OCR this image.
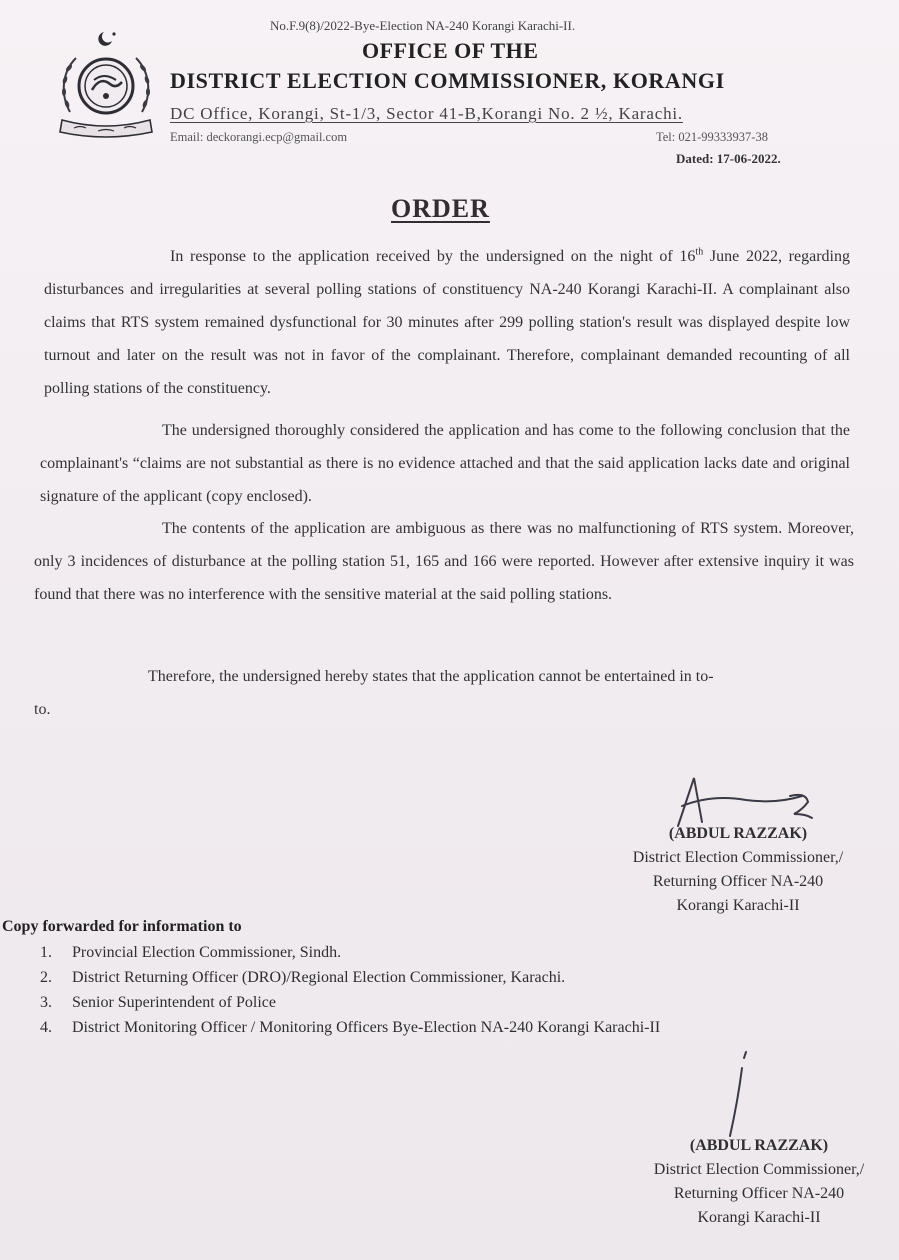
No.F.9(8)/2022-Bye-Election NA-240 Korangi Karachi-II.
OFFICE OF THE
DISTRICT ELECTION COMMISSIONER, KORANGI
DC Office, Korangi, St-1/3, Sector 41-B,Korangi No. 2 ½, Karachi.
Email: deckorangi.ecp@gmail.com	Tel: 021-99333937-38
Dated: 17-06-2022.
ORDER
In response to the application received by the undersigned on the night of 16th June 2022, regarding disturbances and irregularities at several polling stations of constituency NA-240 Korangi Karachi-II. A complainant also claims that RTS system remained dysfunctional for 30 minutes after 299 polling station's result was displayed despite low turnout and later on the result was not in favor of the complainant. Therefore, complainant demanded recounting of all polling stations of the constituency.
The undersigned thoroughly considered the application and has come to the following conclusion that the complainant's “claims are not substantial as there is no evidence attached and that the said application lacks date and original signature of the applicant (copy enclosed).
The contents of the application are ambiguous as there was no malfunctioning of RTS system. Moreover, only 3 incidences of disturbance at the polling station 51, 165 and 166 were reported. However after extensive inquiry it was found that there was no interference with the sensitive material at the said polling stations.
Therefore, the undersigned hereby states that the application cannot be entertained in to-
to.
(ABDUL RAZZAK)
District Election Commissioner,/
Returning Officer NA-240
Korangi Karachi-II
Copy forwarded for information to
1. Provincial Election Commissioner, Sindh.
2. District Returning Officer (DRO)/Regional Election Commissioner, Karachi.
3. Senior Superintendent of Police
4. District Monitoring Officer / Monitoring Officers Bye-Election NA-240 Korangi Karachi-II
(ABDUL RAZZAK)
District Election Commissioner,/
Returning Officer NA-240
Korangi Karachi-II
